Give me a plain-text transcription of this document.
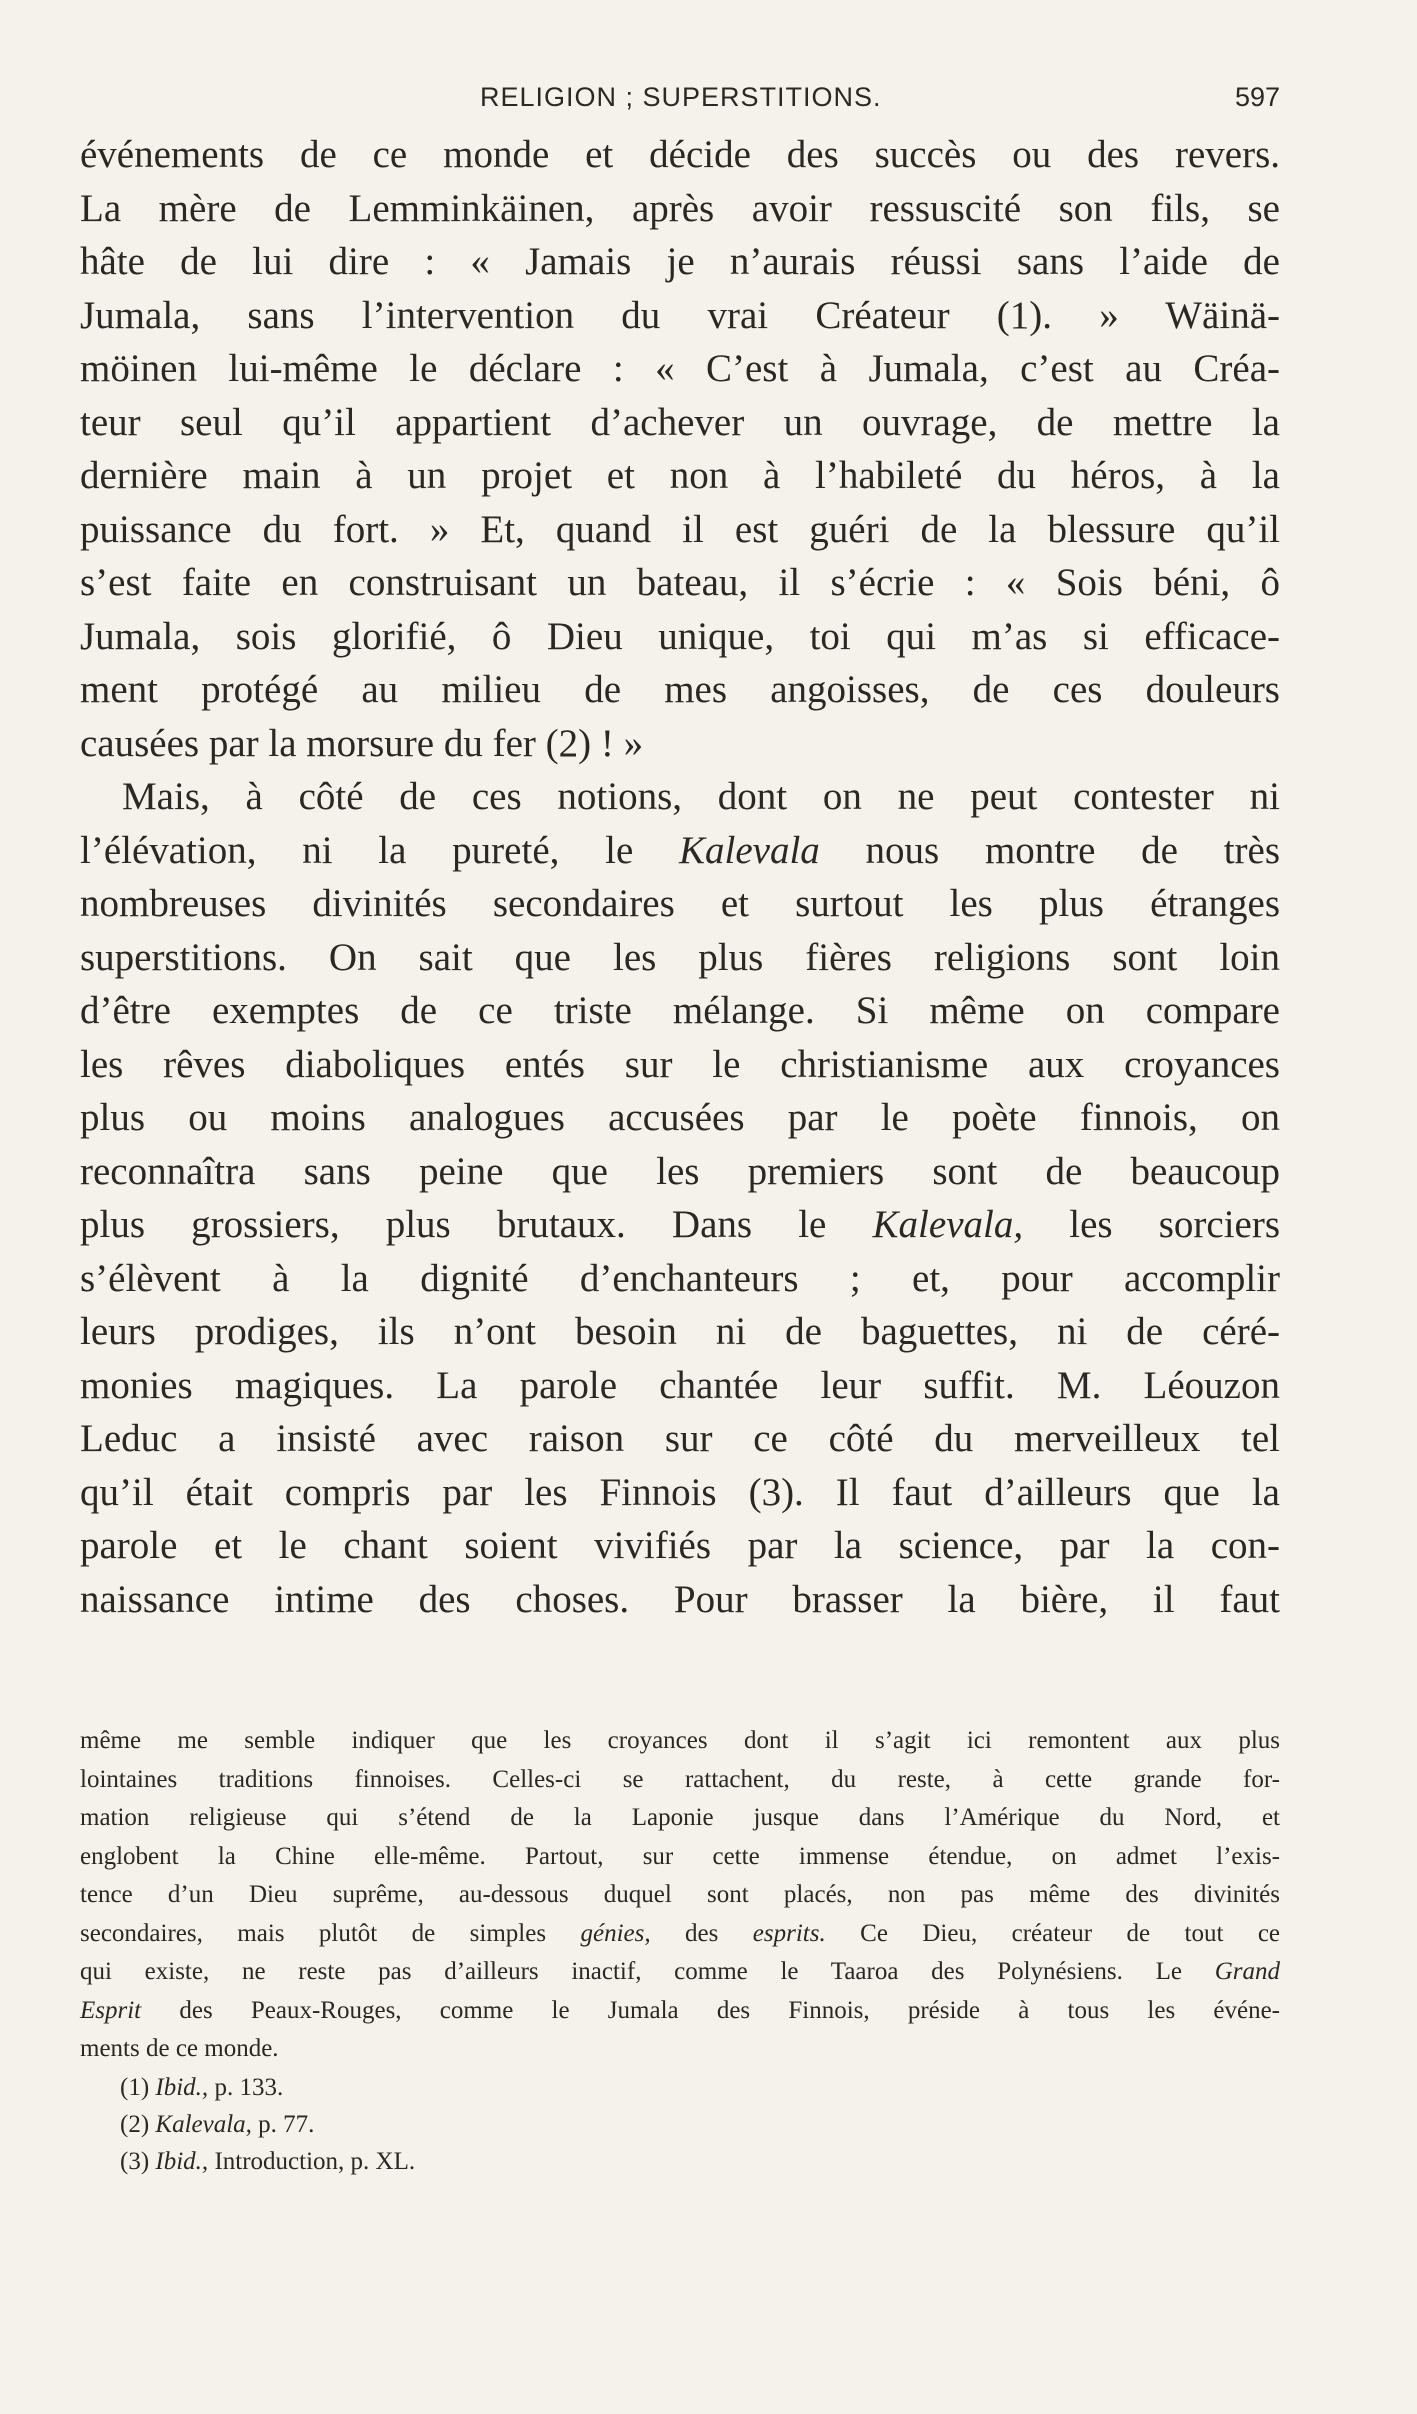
RELIGION ; SUPERSTITIONS.	597
événements de ce monde et décide des succès ou des revers.
La mère de Lemminkäinen, après avoir ressuscité son fils, se
hâte de lui dire : « Jamais je n’aurais réussi sans l’aide de
Jumala, sans l’intervention du vrai Créateur (1). » Wäinä-
möinen lui-même le déclare : « C’est à Jumala, c’est au Créa-
teur seul qu’il appartient d’achever un ouvrage, de mettre la
dernière main à un projet et non à l’habileté du héros, à la
puissance du fort. » Et, quand il est guéri de la blessure qu’il
s’est faite en construisant un bateau, il s’écrie : « Sois béni, ô
Jumala, sois glorifié, ô Dieu unique, toi qui m’as si efficace-
ment protégé au milieu de mes angoisses, de ces douleurs
causées par la morsure du fer (2) ! »
Mais, à côté de ces notions, dont on ne peut contester ni
l’élévation, ni la pureté, le Kalevala nous montre de très
nombreuses divinités secondaires et surtout les plus étranges
superstitions. On sait que les plus fières religions sont loin
d’être exemptes de ce triste mélange. Si même on compare
les rêves diaboliques entés sur le christianisme aux croyances
plus ou moins analogues accusées par le poète finnois, on
reconnaîtra sans peine que les premiers sont de beaucoup
plus grossiers, plus brutaux. Dans le Kalevala, les sorciers
s’élèvent à la dignité d’enchanteurs ; et, pour accomplir
leurs prodiges, ils n’ont besoin ni de baguettes, ni de céré-
monies magiques. La parole chantée leur suffit. M. Léouzon
Leduc a insisté avec raison sur ce côté du merveilleux tel
qu’il était compris par les Finnois (3). Il faut d’ailleurs que la
parole et le chant soient vivifiés par la science, par la con-
naissance intime des choses. Pour brasser la bière, il faut
même me semble indiquer que les croyances dont il s’agit ici remontent aux plus
lointaines traditions finnoises. Celles-ci se rattachent, du reste, à cette grande for-
mation religieuse qui s’étend de la Laponie jusque dans l’Amérique du Nord, et
englobent la Chine elle-même. Partout, sur cette immense étendue, on admet l’exis-
tence d’un Dieu suprême, au-dessous duquel sont placés, non pas même des divinités
secondaires, mais plutôt de simples génies, des esprits. Ce Dieu, créateur de tout ce
qui existe, ne reste pas d’ailleurs inactif, comme le Taaroa des Polynésiens. Le Grand
Esprit des Peaux-Rouges, comme le Jumala des Finnois, préside à tous les événe-
ments de ce monde.
(1) Ibid., p. 133.
(2) Kalevala, p. 77.
(3) Ibid., Introduction, p. XL.
